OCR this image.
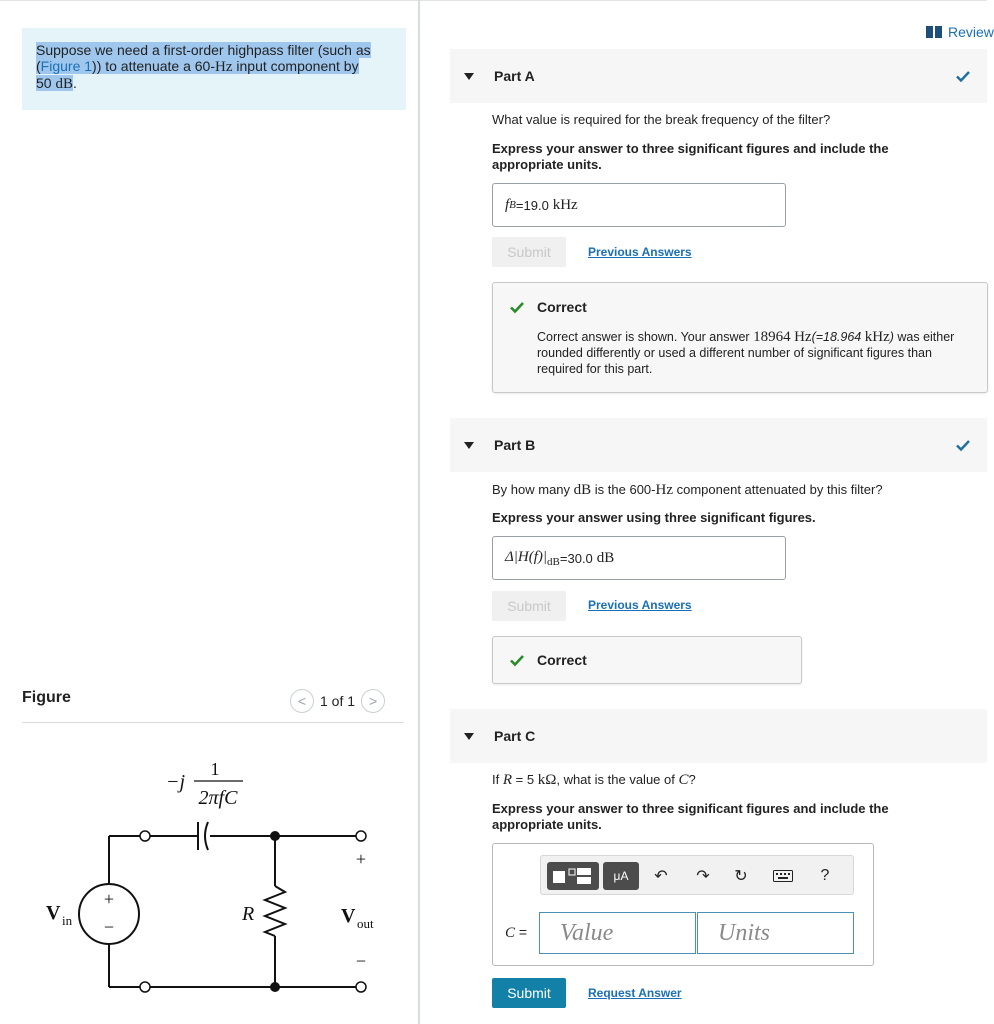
Suppose we need a first-order highpass filter (such as
(Figure 1)) to attenuate a 60-Hz input component by
50 dB.
Figure	< 1 of 1 >
−j
1
2πfC
V in
+
−
R	V out
+
−
Review
Part A
What value is required for the break frequency of the filter?
Express your answer to three significant figures and include the appropriate units.
f B = 19.0
kHz
Submit	Previous Answers
Correct
Correct answer is shown. Your answer 18964 Hz(=18.964 kHz) was either rounded differently or used a different number of significant figures than required for this part.
Part B
By how many dB is the 600-Hz component attenuated by this filter?
Express your answer using three significant figures.
$\Delta|H(f)|_{dB} = 30.0$
dB
Submit	Previous Answers
Correct
Part C
If R = 5 kΩ, what is the value of C?
Express your answer to three significant figures and include the appropriate units.
μA	↶	↷	↻	?
C =	Value	Units
Submit	Request Answer
